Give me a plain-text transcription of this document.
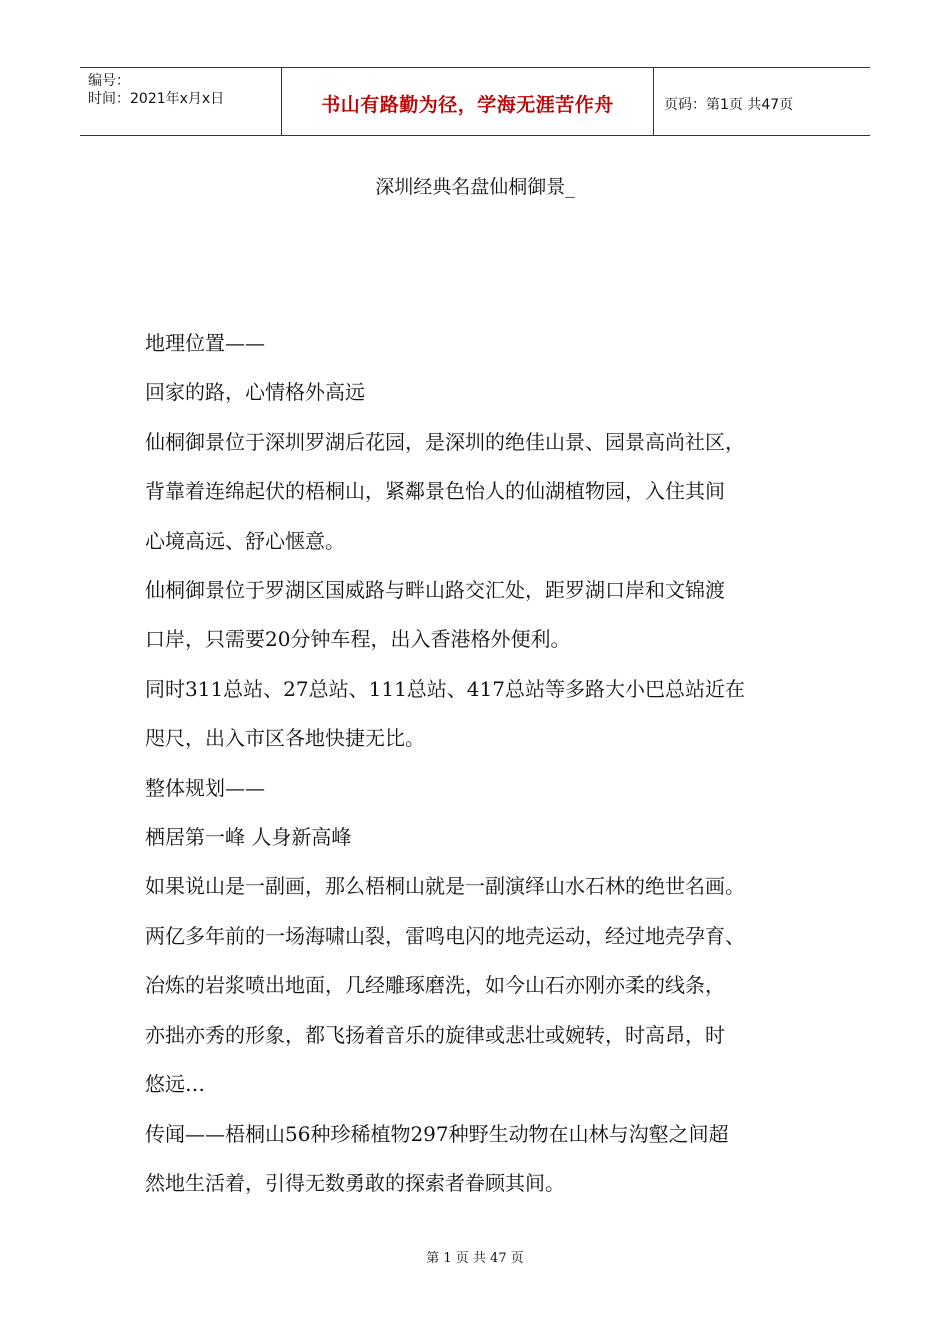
编号：
时间：2021年x月x日	书山有路勤为径，学海无涯苦作舟	页码：第1页 共47页
深圳经典名盘仙桐御景_

地理位置——

回家的路，心情格外高远

仙桐御景位于深圳罗湖后花园，是深圳的绝佳山景、园景高尚社区，

背靠着连绵起伏的梧桐山，紧鄰景色怡人的仙湖植物园，入住其间

心境高远、舒心惬意。

仙桐御景位于罗湖区国威路与畔山路交汇处，距罗湖口岸和文锦渡

口岸，只需要20分钟车程，出入香港格外便利。

同时311总站、27总站、111总站、417总站等多路大小巴总站近在

咫尺，出入市区各地快捷无比。

整体规划——

栖居第一峰 人身新高峰

如果说山是一副画，那么梧桐山就是一副演绎山水石林的绝世名画。

两亿多年前的一场海啸山裂，雷鸣电闪的地壳运动，经过地壳孕育、

冶炼的岩浆喷出地面，几经雕琢磨洗，如今山石亦刚亦柔的线条，

亦拙亦秀的形象，都飞扬着音乐的旋律或悲壮或婉转，时高昂，时

悠远…

传闻——梧桐山56种珍稀植物297种野生动物在山林与沟壑之间超

然地生活着，引得无数勇敢的探索者眷顾其间。

第 1 页 共 47 页
